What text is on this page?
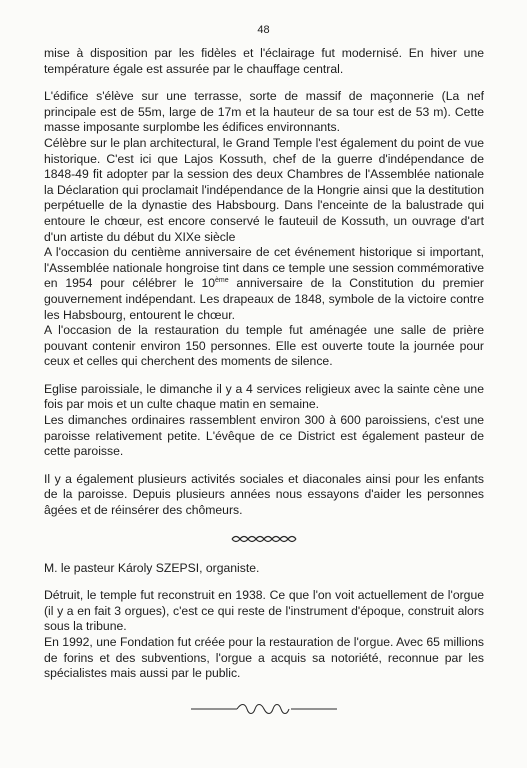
48

mise à disposition par les fidèles et l'éclairage fut modernisé. En hiver une température égale est assurée par le chauffage central.

L'édifice s'élève sur une terrasse, sorte de massif de maçonnerie (La nef principale est de 55m, large de 17m et la hauteur de sa tour est de 53 m). Cette masse imposante surplombe les édifices environnants.

Célèbre sur le plan architectural, le Grand Temple l'est également du point de vue historique. C'est ici que Lajos Kossuth, chef de la guerre d'indépendance de 1848-49 fit adopter par la session des deux Chambres de l'Assemblée nationale la Déclaration qui proclamait l'indépendance de la Hongrie ainsi que la destitution perpétuelle de la dynastie des Habsbourg. Dans l'enceinte de la balustrade qui entoure le chœur, est encore conservé le fauteuil de Kossuth, un ouvrage d'art d'un artiste du début du XIXe siècle

A l'occasion du centième anniversaire de cet événement historique si important, l'Assemblée nationale hongroise tint dans ce temple une session commémorative en 1954 pour célébrer le 10ème anniversaire de la Constitution du premier gouvernement indépendant. Les drapeaux de 1848, symbole de la victoire contre les Habsbourg, entourent le chœur.

A l'occasion de la restauration du temple fut aménagée une salle de prière pouvant contenir environ 150 personnes. Elle est ouverte toute la journée pour ceux et celles qui cherchent des moments de silence.

Eglise paroissiale, le dimanche il y a 4 services religieux avec la sainte cène une fois par mois et un culte chaque matin en semaine.

Les dimanches ordinaires rassemblent environ 300 à 600 paroissiens, c'est une paroisse relativement petite. L'évêque de ce District est également pasteur de cette paroisse.

Il y a également plusieurs activités sociales et diaconales ainsi pour les enfants de la paroisse. Depuis plusieurs années nous essayons d'aider les personnes âgées et de réinsérer des chômeurs.

M. le pasteur Károly SZEPSI, organiste.

Détruit, le temple fut reconstruit en 1938. Ce que l'on voit actuellement de l'orgue (il y a en fait 3 orgues), c'est ce qui reste de l'instrument d'époque, construit alors sous la tribune.

En 1992, une Fondation fut créée pour la restauration de l'orgue. Avec 65 millions de forins et des subventions, l'orgue a acquis sa notoriété, reconnue par les spécialistes mais aussi par le public.
